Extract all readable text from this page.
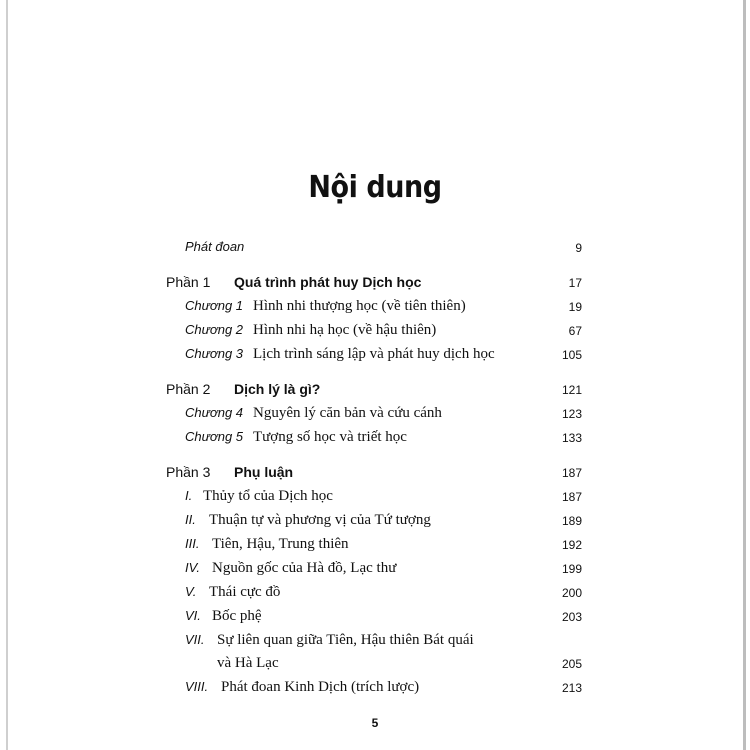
Nội dung
Phát đoan	9
Phần 1 Quá trình phát huy Dịch học	17
Chương 1 Hình nhi thượng học (về tiên thiên)	19
Chương 2 Hình nhi hạ học (về hậu thiên)	67
Chương 3 Lịch trình sáng lập và phát huy dịch học	105
Phần 2 Dịch lý là gì?	121
Chương 4 Nguyên lý căn bản và cứu cánh	123
Chương 5 Tượng số học và triết học	133
Phần 3 Phụ luận	187
I. Thủy tổ của Dịch học	187
II. Thuận tự và phương vị của Tứ tượng	189
III. Tiên, Hậu, Trung thiên	192
IV. Nguồn gốc của Hà đồ, Lạc thư	199
V. Thái cực đồ	200
VI. Bốc phệ	203
VII. Sự liên quan giữa Tiên, Hậu thiên Bát quái
và Hà Lạc	205
VIII. Phát đoan Kinh Dịch (trích lược)	213
5
